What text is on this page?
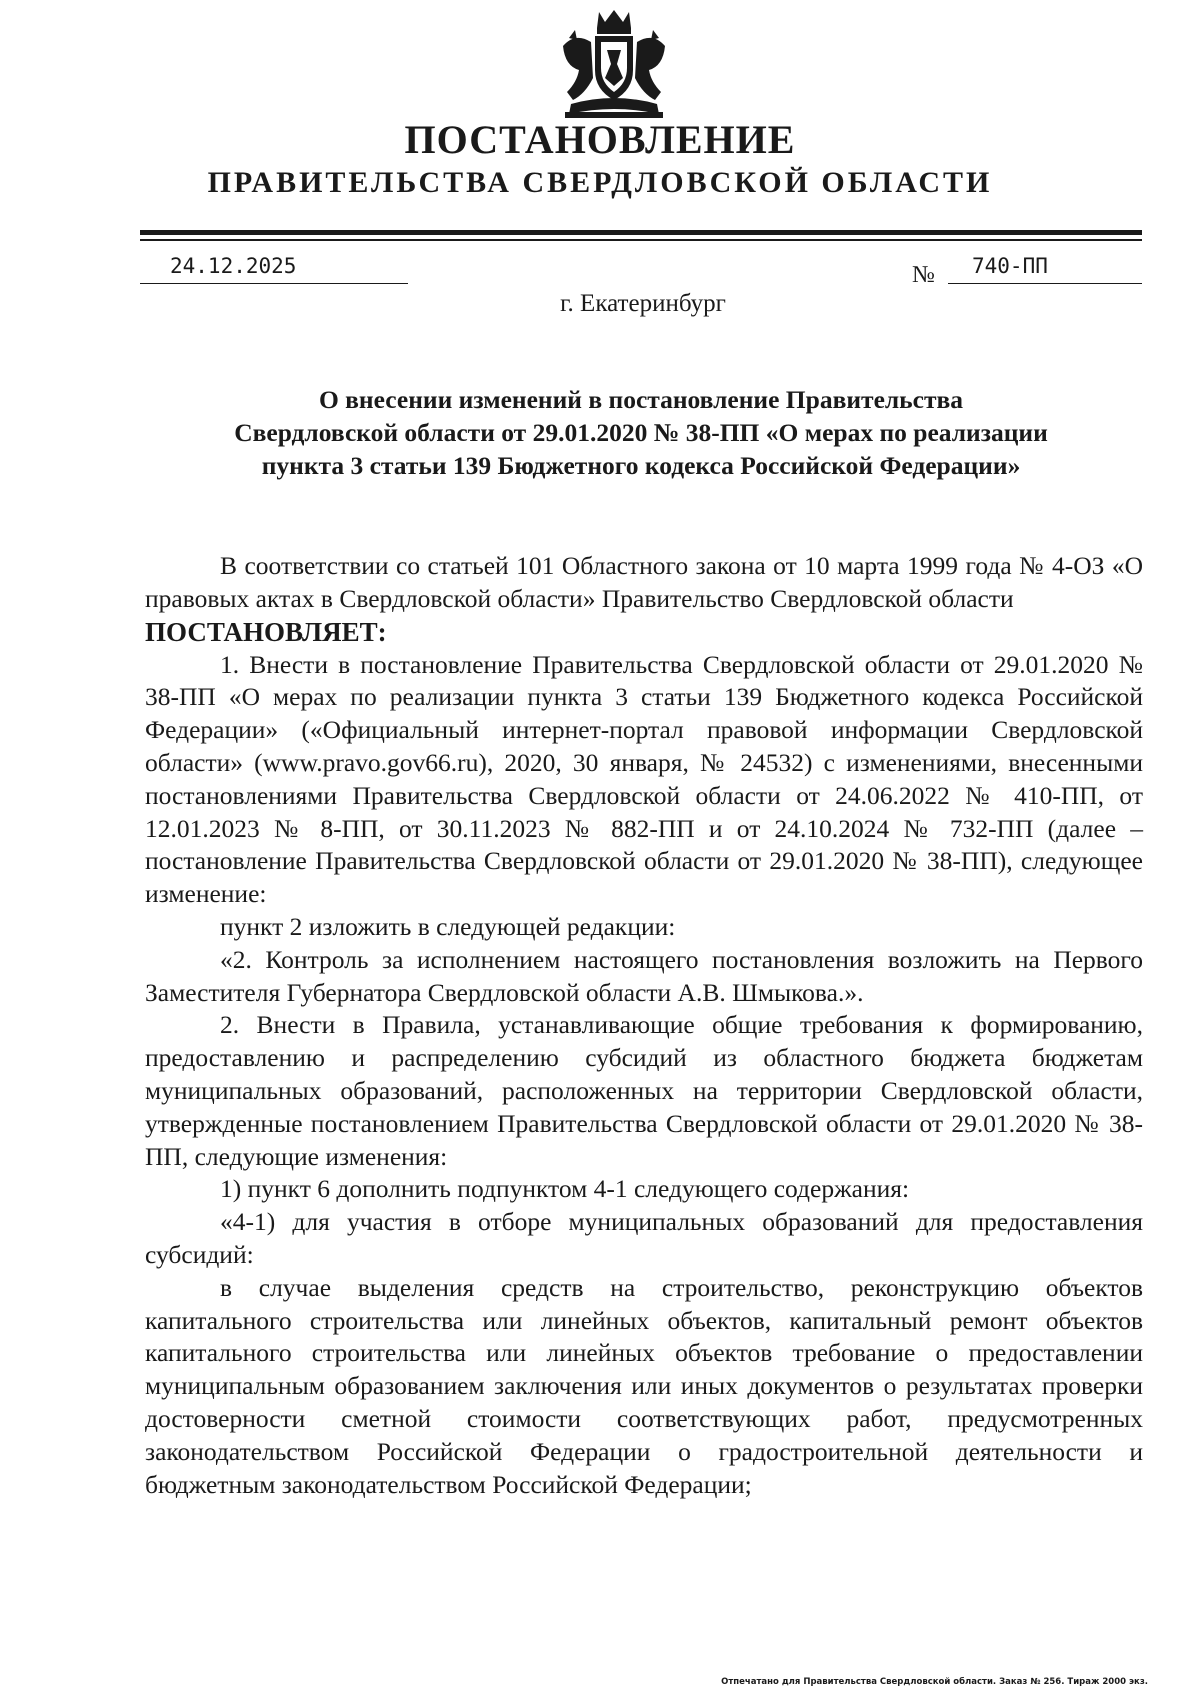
ПОСТАНОВЛЕНИЕ
ПРАВИТЕЛЬСТВА СВЕРДЛОВСКОЙ ОБЛАСТИ
24.12.2025	№	740-ПП
г. Екатеринбург
О внесении изменений в постановление Правительства
Свердловской области от 29.01.2020 № 38-ПП «О мерах по реализации
пункта 3 статьи 139 Бюджетного кодекса Российской Федерации»

В соответствии со статьей 101 Областного закона от 10 марта 1999 года № 4-ОЗ «О правовых актах в Свердловской области» Правительство Свердловской области

ПОСТАНОВЛЯЕТ:

1. Внести в постановление Правительства Свердловской области от 29.01.2020 № 38-ПП «О мерах по реализации пункта 3 статьи 139 Бюджетного кодекса Российской Федерации» («Официальный интернет-портал правовой информации Свердловской области» (www.pravo.gov66.ru), 2020, 30 января, № 24532) с изменениями, внесенными постановлениями Правительства Свердловской области от 24.06.2022 № 410-ПП, от 12.01.2023 № 8-ПП, от 30.11.2023 № 882-ПП и от 24.10.2024 № 732-ПП (далее – постановление Правительства Свердловской области от 29.01.2020 № 38-ПП), следующее изменение:

пункт 2 изложить в следующей редакции:

«2. Контроль за исполнением настоящего постановления возложить на Первого Заместителя Губернатора Свердловской области А.В. Шмыкова.».

2. Внести в Правила, устанавливающие общие требования к формированию, предоставлению и распределению субсидий из областного бюджета бюджетам муниципальных образований, расположенных на территории Свердловской области, утвержденные постановлением Правительства Свердловской области от 29.01.2020 № 38-ПП, следующие изменения:

1) пункт 6 дополнить подпунктом 4-1 следующего содержания:

«4-1) для участия в отборе муниципальных образований для предоставления субсидий:

в случае выделения средств на строительство, реконструкцию объектов капитального строительства или линейных объектов, капитальный ремонт объектов капитального строительства или линейных объектов требование о предоставлении муниципальным образованием заключения или иных документов о результатах проверки достоверности сметной стоимости соответствующих работ, предусмотренных законодательством Российской Федерации о градостроительной деятельности и бюджетным законодательством Российской Федерации;

Отпечатано для Правительства Свердловской области. Заказ № 256. Тираж 2000 экз.
